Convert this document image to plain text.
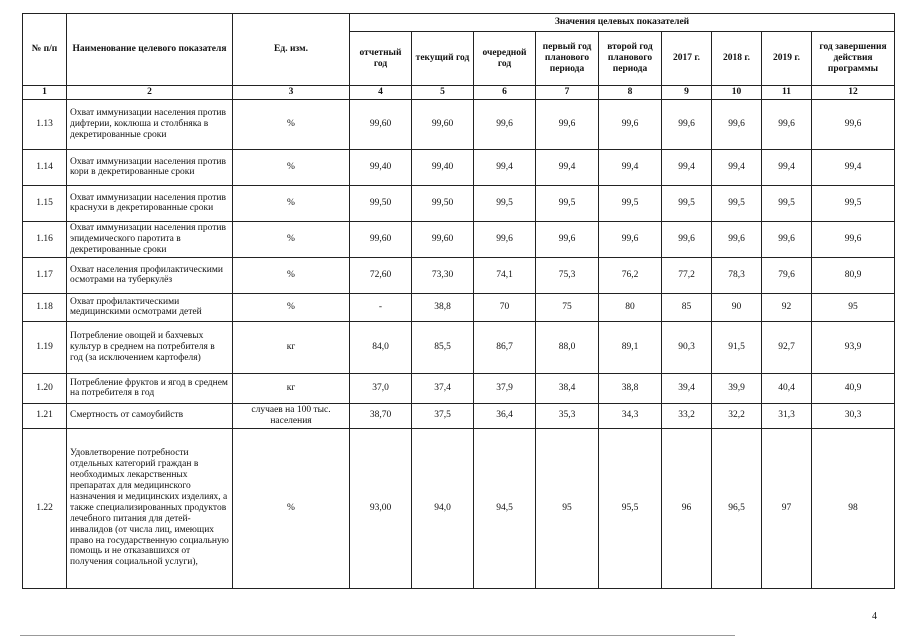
№ п/п	Наименование целевого показателя	Ед. изм.	Значения целевых показателей								
			отчетный год	текущий год	очередной год	первый год планового периода	второй год планового периода	2017 г.	2018 г.	2019 г.	год завершения действия программы
1	2	3	4	5	6	7	8	9	10	11	12
1.13	Охват иммунизации населения против дифтерии, коклюша и столбняка в декретированные сроки	%	99,60	99,60	99,6	99,6	99,6	99,6	99,6	99,6	99,6
1.14	Охват иммунизации населения против кори в декретированные сроки	%	99,40	99,40	99,4	99,4	99,4	99,4	99,4	99,4	99,4
1.15	Охват иммунизации населения против краснухи в декретированные сроки	%	99,50	99,50	99,5	99,5	99,5	99,5	99,5	99,5	99,5
1.16	Охват иммунизации населения против эпидемического паротита в декретированные сроки	%	99,60	99,60	99,6	99,6	99,6	99,6	99,6	99,6	99,6
1.17	Охват населения профилактическими осмотрами на туберкулёз	%	72,60	73,30	74,1	75,3	76,2	77,2	78,3	79,6	80,9
1.18	Охват профилактическими медицинскими осмотрами детей	%	-	38,8	70	75	80	85	90	92	95
1.19	Потребление овощей и бахчевых культур в среднем на потребителя в год (за исключением картофеля)	кг	84,0	85,5	86,7	88,0	89,1	90,3	91,5	92,7	93,9
1.20	Потребление фруктов и ягод в среднем на потребителя в год	кг	37,0	37,4	37,9	38,4	38,8	39,4	39,9	40,4	40,9
1.21	Смертность от самоубийств	случаев на 100 тыс. населения	38,70	37,5	36,4	35,3	34,3	33,2	32,2	31,3	30,3
1.22	Удовлетворение потребности отдельных категорий граждан в необходимых лекарственных препаратах для медицинского назначения и медицинских изделиях, а также специализированных продуктов лечебного питания для детей-инвалидов (от числа лиц, имеющих право на государственную социальную помощь и не отказавшихся от получения социальной услуги),	%	93,00	94,0	94,5	95	95,5	96	96,5	97	98
4
